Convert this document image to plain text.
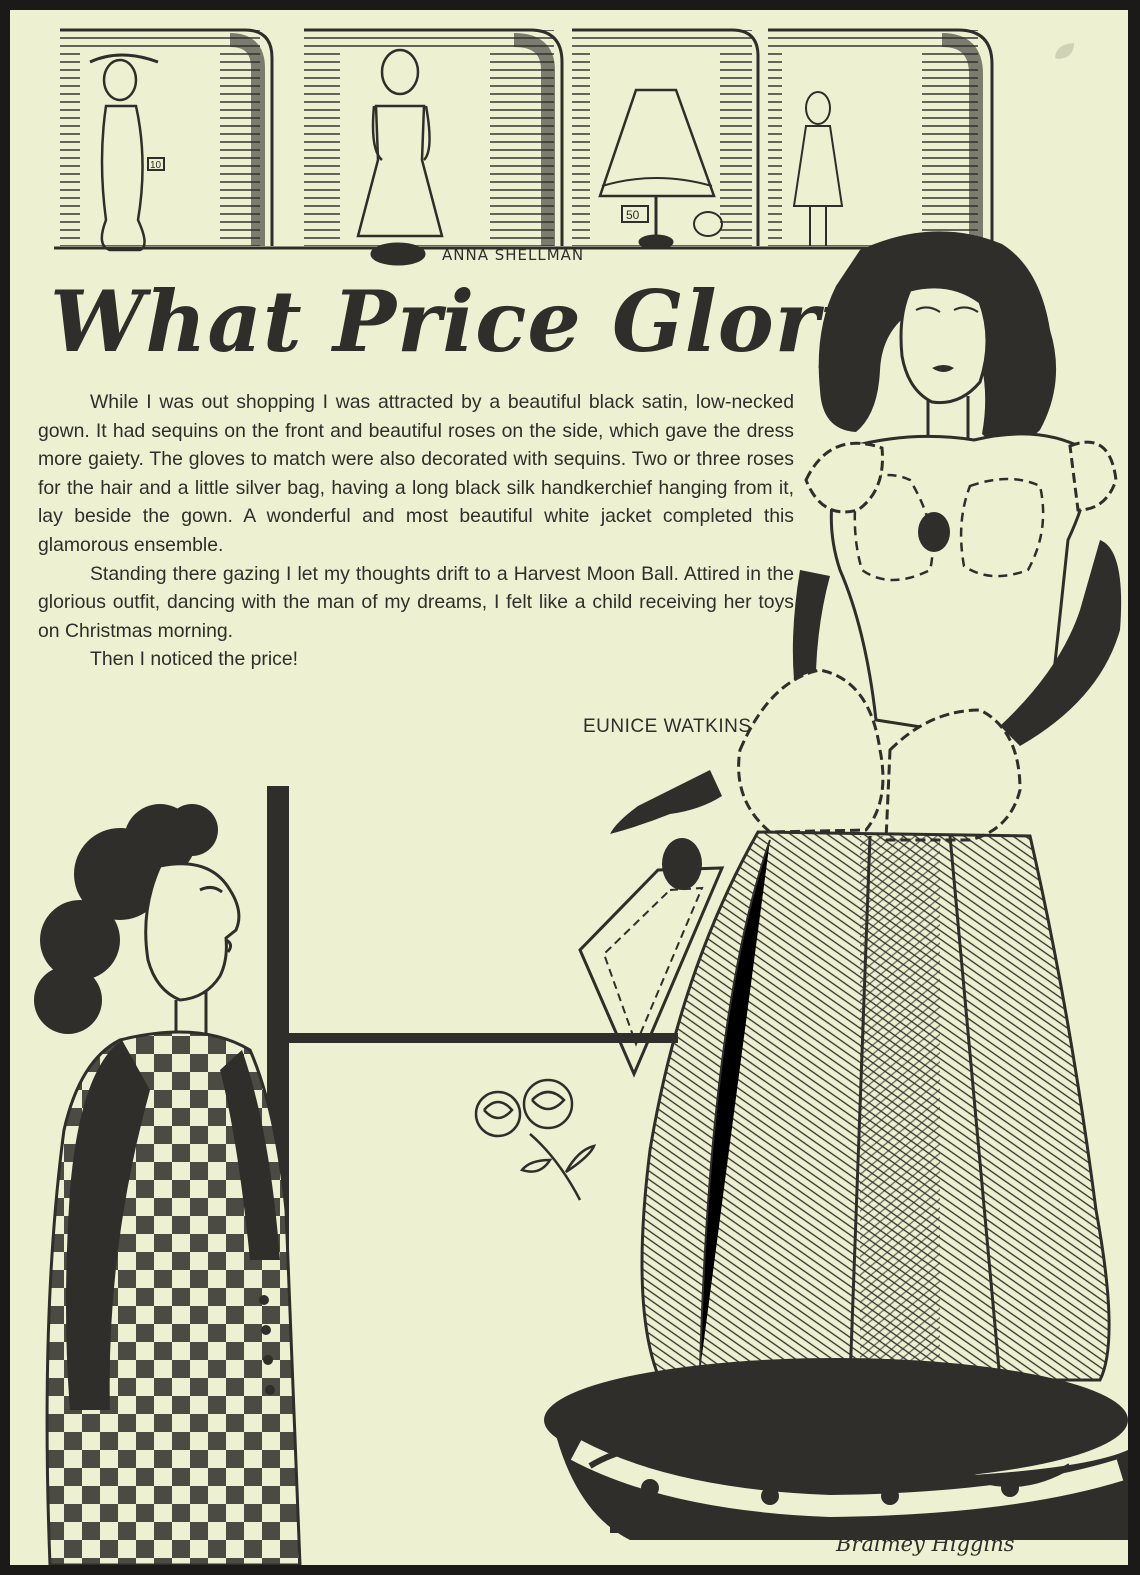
What Price Glory

While I was out shopping I was attracted by a beautiful black satin, low-necked gown. It had sequins on the front and beautiful roses on the side, which gave the dress more gaiety. The gloves to match were also decorated with sequins. Two or three roses for the hair and a little silver bag, having a long black silk handkerchief hanging from it, lay beside the gown. A wonderful and most beautiful white jacket completed this glamorous ensemble.

Standing there gazing I let my thoughts drift to a Harvest Moon Ball. Attired in the glorious outfit, dancing with the man of my dreams, I felt like a child receiving her toys on Christmas morning.

Then I noticed the price!

EUNICE WATKINS
ANNA SHELLMAN
Bralmey Higgins
10
50
